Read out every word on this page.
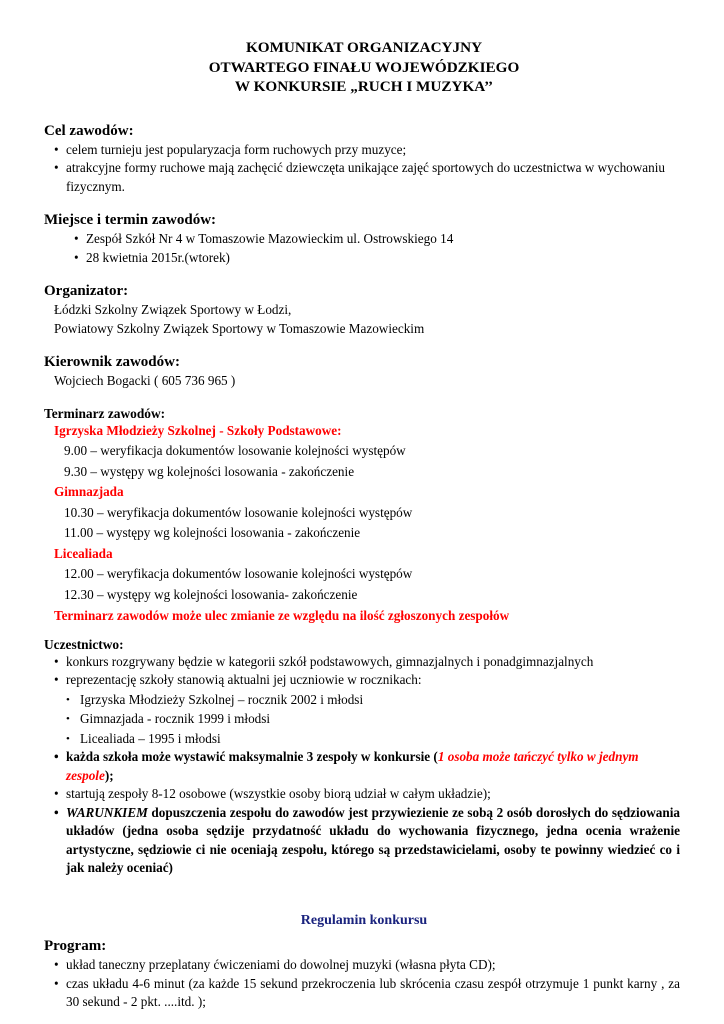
KOMUNIKAT ORGANIZACYJNY

OTWARTEGO FINAŁU WOJEWÓDZKIEGO

W KONKURSIE „RUCH I MUZYKA’’

Cel zawodów:
• celem turnieju jest popularyzacja form ruchowych przy muzyce;
• atrakcyjne formy ruchowe mają zachęcić dziewczęta unikające zajęć sportowych do uczestnictwa w wychowaniu fizycznym.
Miejsce i termin zawodów:
• Zespół Szkół Nr 4 w Tomaszowie Mazowieckim ul. Ostrowskiego 14
• 28 kwietnia 2015r.(wtorek)
Organizator:
Łódzki Szkolny Związek Sportowy w Łodzi,
Powiatowy Szkolny Związek Sportowy w Tomaszowie Mazowieckim
Kierownik zawodów:
Wojciech Bogacki ( 605 736 965 )
Terminarz zawodów:
Igrzyska Młodzieży Szkolnej - Szkoły Podstawowe:
9.00 – weryfikacja dokumentów losowanie kolejności występów
9.30 – występy wg kolejności losowania - zakończenie
Gimnazjada
10.30 – weryfikacja dokumentów losowanie kolejności występów
11.00 – występy wg kolejności losowania - zakończenie
Licealiada
12.00 – weryfikacja dokumentów losowanie kolejności występów
12.30 – występy wg kolejności losowania- zakończenie
Terminarz zawodów może ulec zmianie ze względu na ilość zgłoszonych zespołów
Uczestnictwo:
• konkurs rozgrywany będzie w kategorii szkół podstawowych, gimnazjalnych i ponadgimnazjalnych
• reprezentację szkoły stanowią aktualni jej uczniowie w rocznikach:
• Igrzyska Młodzieży Szkolnej – rocznik 2002 i młodsi
• Gimnazjada - rocznik 1999 i młodsi
• Licealiada – 1995 i młodsi
• każda szkoła może wystawić maksymalnie 3 zespoły w konkursie (1 osoba może tańczyć tylko w jednym zespole);
• startują zespoły 8-12 osobowe (wszystkie osoby biorą udział w całym układzie);
• WARUNKIEM dopuszczenia zespołu do zawodów jest przywiezienie ze sobą 2 osób dorosłych do sędziowania układów (jedna osoba sędzije przydatność układu do wychowania fizycznego, jedna ocenia wrażenie artystyczne, sędziowie ci nie oceniają zespołu, którego są przedstawicielami, osoby te powinny wiedzieć co i jak należy oceniać)
Regulamin konkursu
Program:
• układ taneczny przeplatany ćwiczeniami do dowolnej muzyki (własna płyta CD);
• czas układu 4-6 minut (za każde 15 sekund przekroczenia lub skrócenia czasu zespół otrzymuje 1 punkt karny , za 30 sekund - 2 pkt. ....itd. );
